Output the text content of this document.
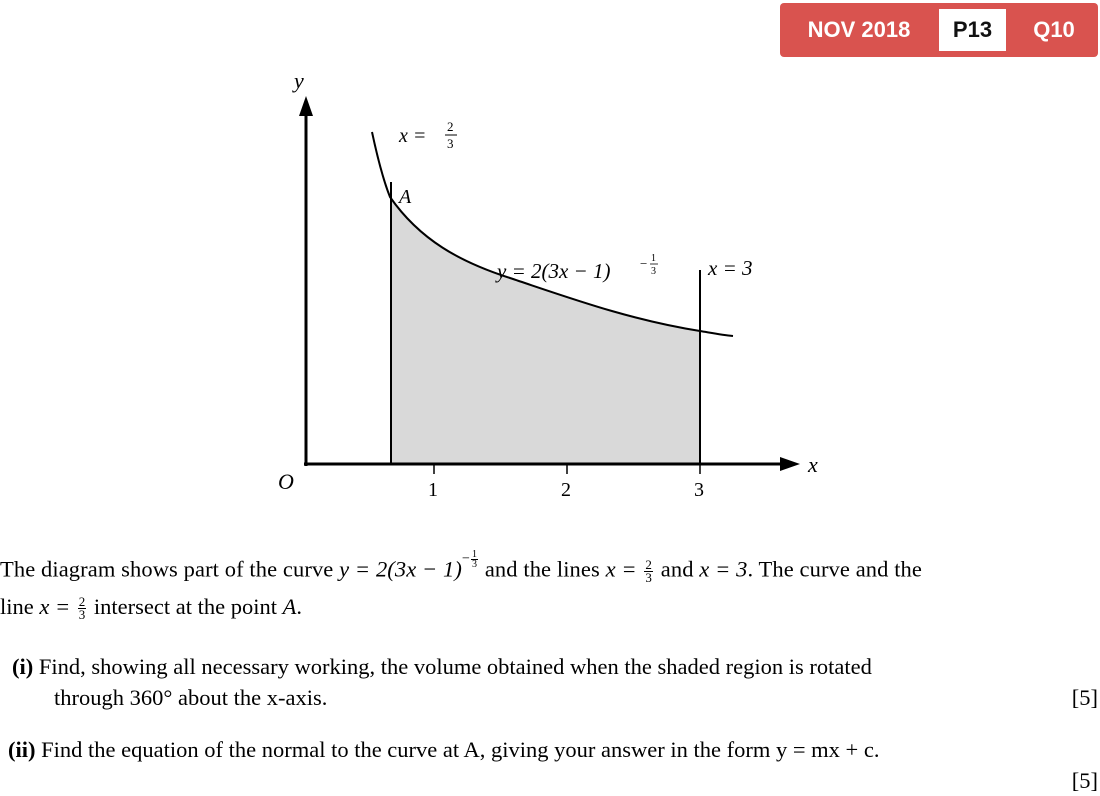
NOV 2018	P13	Q10
y
x
O	1	2	3
A
x = 2
3
x = 3
y = 2(3x − 1) − 1
3
The diagram shows part of the curve $y = 2(3x - 1)- \frac{1}{3}$ and the lines $x = \frac{2}{3}$ and x = 3. The curve and the
line $x = \frac{2}{3}$ intersect at the point A.
(i) Find, showing all necessary working, the volume obtained when the shaded region is rotated
through 360° about the x-axis.	[5]
(ii) Find the equation of the normal to the curve at A, giving your answer in the form y = mx + c.
[5]
